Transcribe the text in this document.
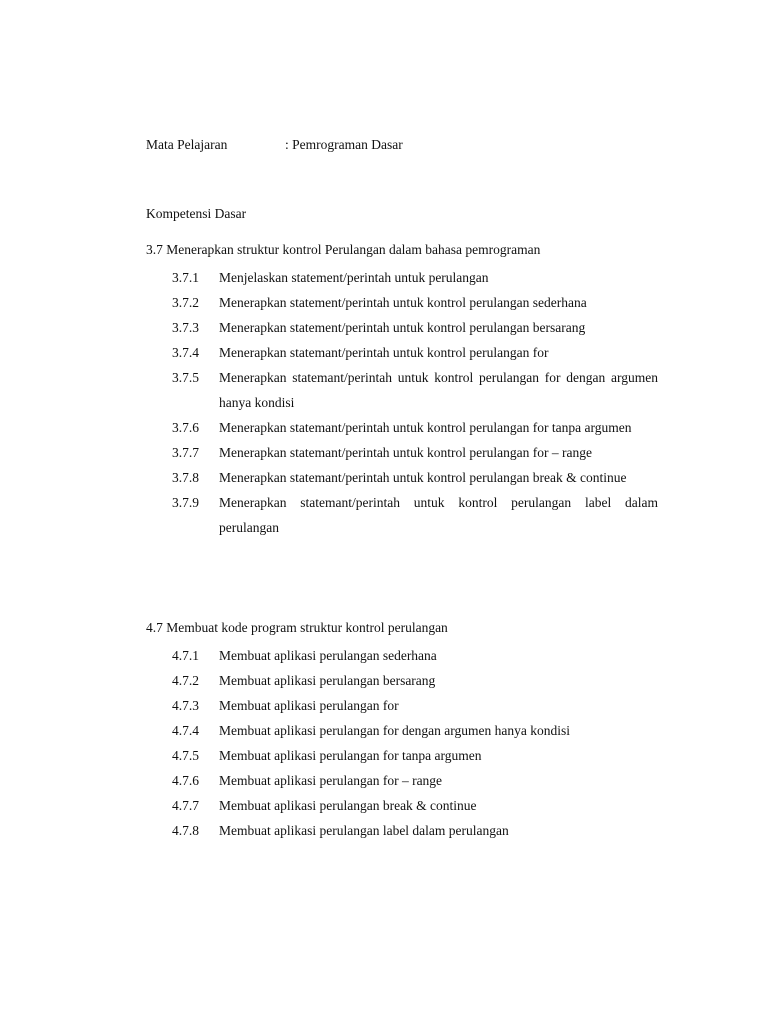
Mata Pelajaran	: Pemrograman Dasar
Kompetensi Dasar
3.7 Menerapkan struktur kontrol Perulangan dalam bahasa pemrograman
3.7.1 Menjelaskan statement/perintah untuk perulangan
3.7.2 Menerapkan statement/perintah untuk kontrol perulangan sederhana
3.7.3 Menerapkan statement/perintah untuk kontrol perulangan bersarang
3.7.4 Menerapkan statemant/perintah untuk kontrol perulangan for
3.7.5 Menerapkan statemant/perintah untuk kontrol perulangan for dengan argumen hanya kondisi
3.7.6 Menerapkan statemant/perintah untuk kontrol perulangan for tanpa argumen
3.7.7 Menerapkan statemant/perintah untuk kontrol perulangan for – range
3.7.8 Menerapkan statemant/perintah untuk kontrol perulangan break & continue
3.7.9 Menerapkan statemant/perintah untuk kontrol perulangan label dalam perulangan
4.7 Membuat kode program struktur kontrol perulangan
4.7.1 Membuat aplikasi perulangan sederhana
4.7.2 Membuat aplikasi perulangan bersarang
4.7.3 Membuat aplikasi perulangan for
4.7.4 Membuat aplikasi perulangan for dengan argumen hanya kondisi
4.7.5 Membuat aplikasi perulangan for tanpa argumen
4.7.6 Membuat aplikasi perulangan for – range
4.7.7 Membuat aplikasi perulangan break & continue
4.7.8 Membuat aplikasi perulangan label dalam perulangan
